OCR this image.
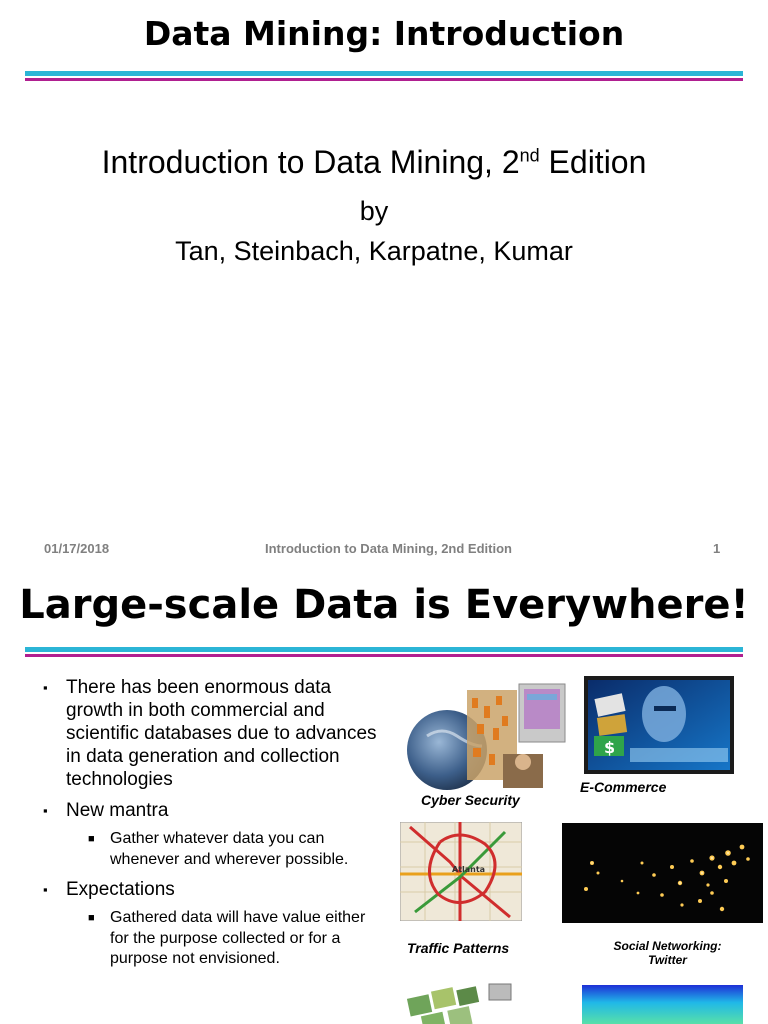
Data Mining: Introduction
Introduction to Data Mining, 2nd Edition
by
Tan, Steinbach, Karpatne, Kumar
01/17/2018	Introduction to Data Mining, 2nd Edition	1
Large-scale Data is Everywhere!
▪ There has been enormous data growth in both commercial and scientific databases due to advances in data generation and collection technologies
▪ New mantra
■ Gather whatever data you can whenever and wherever possible.
▪ Expectations
■ Gathered data will have value either for the purpose collected or for a purpose not envisioned.
Cyber Security
$
E-Commerce
Atlanta
Traffic Patterns	Social Networking:
Twitter
